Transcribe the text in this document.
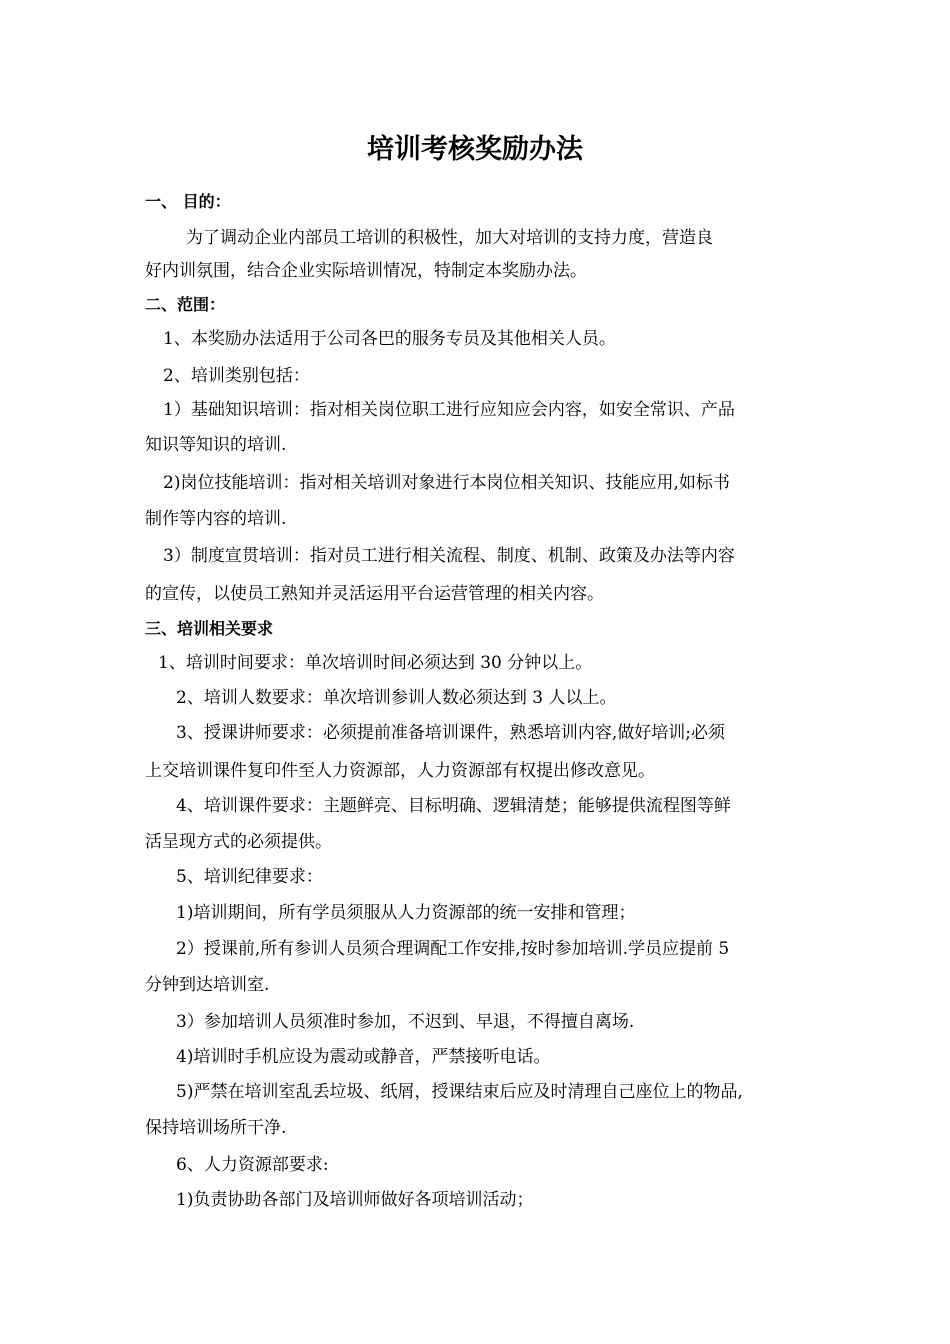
培训考核奖励办法
一、 目的：
为了调动企业内部员工培训的积极性，加大对培训的支持力度，营造良
好内训氛围，结合企业实际培训情况，特制定本奖励办法。
二、范围：
1、本奖励办法适用于公司各巴的服务专员及其他相关人员。
2、培训类别包括：
1）基础知识培训：指对相关岗位职工进行应知应会内容，如安全常识、产品
知识等知识的培训.
2)岗位技能培训：指对相关培训对象进行本岗位相关知识、技能应用,如标书
制作等内容的培训.
3）制度宣贯培训：指对员工进行相关流程、制度、机制、政策及办法等内容
的宣传，以使员工熟知并灵活运用平台运营管理的相关内容。
三、培训相关要求
1、培训时间要求：单次培训时间必须达到 30 分钟以上。
2、培训人数要求：单次培训参训人数必须达到 3 人以上。
3、授课讲师要求：必须提前准备培训课件，熟悉培训内容,做好培训;必须
上交培训课件复印件至人力资源部，人力资源部有权提出修改意见。
4、培训课件要求：主题鲜亮、目标明确、逻辑清楚；能够提供流程图等鲜
活呈现方式的必须提供。
5、培训纪律要求：
1)培训期间，所有学员须服从人力资源部的统一安排和管理；
2）授课前,所有参训人员须合理调配工作安排,按时参加培训.学员应提前 5
分钟到达培训室.
3）参加培训人员须准时参加，不迟到、早退，不得擅自离场.
4)培训时手机应设为震动或静音，严禁接听电话。
5)严禁在培训室乱丢垃圾、纸屑，授课结束后应及时清理自己座位上的物品,
保持培训场所干净.
6、人力资源部要求:
1)负责协助各部门及培训师做好各项培训活动；
